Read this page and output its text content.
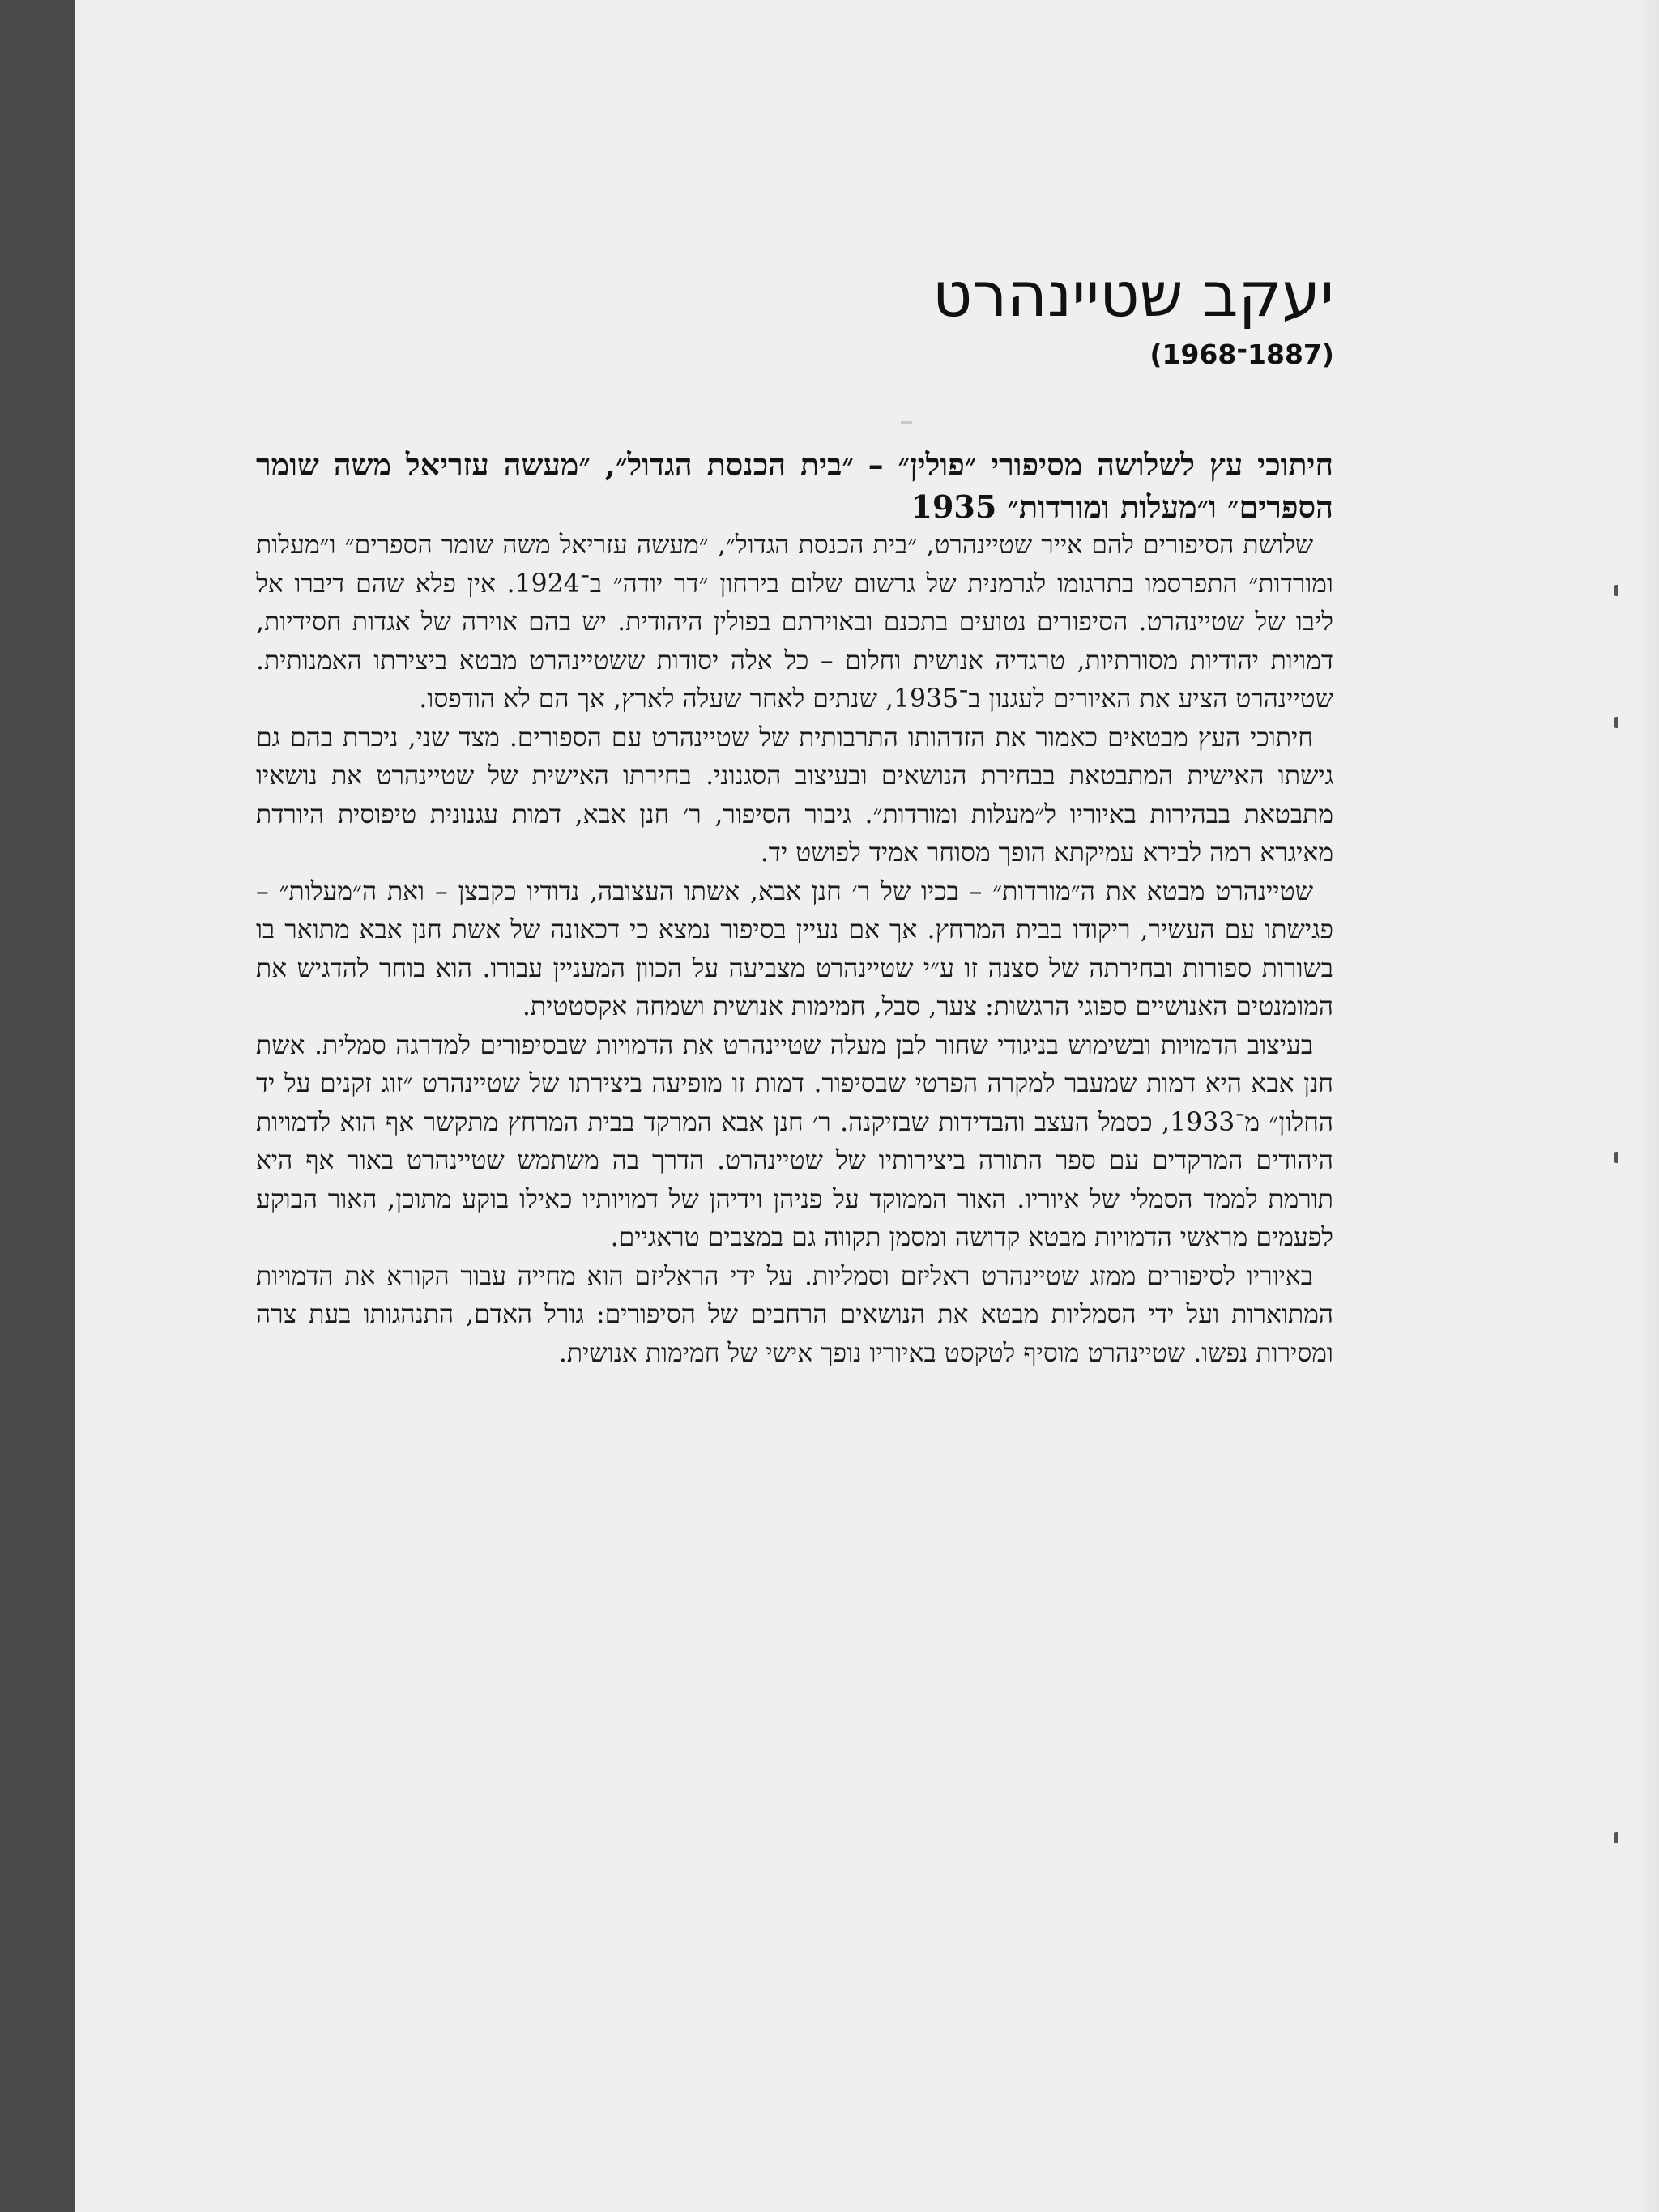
יעקב שטיינהרט
(1887־1968)
חיתוכי עץ לשלושה מסיפורי ״פולין״ – ״בית הכנסת הגדול״, ״מעשה עזריאל משה שומר הספרים״ ו״מעלות ומורדות״ 1935

שלושת הסיפורים להם אייר שטיינהרט, ״בית הכנסת הגדול״, ״מעשה עזריאל משה שומר הספרים״ ו״מעלות ומורדות״ התפרסמו בתרגומו לגרמנית של גרשום שלום בירחון ״דר יודה״ ב־1924. אין פלא שהם דיברו אל ליבו של שטיינהרט. הסיפורים נטועים בתכנם ובאוירתם בפולין היהודית. יש בהם אוירה של אגדות חסידיות, דמויות יהודיות מסורתיות, טרגדיה אנושית וחלום – כל אלה יסודות ששטיינהרט מבטא ביצירתו האמנותית. שטיינהרט הציע את האיורים לעגנון ב־1935, שנתים לאחר שעלה לארץ, אך הם לא הודפסו.

חיתוכי העץ מבטאים כאמור את הזדהותו התרבותית של שטיינהרט עם הספורים. מצד שני, ניכרת בהם גם גישתו האישית המתבטאת בבחירת הנושאים ובעיצוב הסגנוני. בחירתו האישית של שטיינהרט את נושאיו מתבטאת בבהירות באיוריו ל״מעלות ומורדות״. גיבור הסיפור, ר׳ חנן אבא, דמות עגנונית טיפוסית היורדת מאיגרא רמה לבירא עמיקתא הופך מסוחר אמיד לפושט יד.

שטיינהרט מבטא את ה״מורדות״ – בכיו של ר׳ חנן אבא, אשתו העצובה, נדודיו כקבצן – ואת ה״מעלות״ – פגישתו עם העשיר, ריקודו בבית המרחץ. אך אם נעיין בסיפור נמצא כי דכאונה של אשת חנן אבא מתואר בו בשורות ספורות ובחירתה של סצנה זו ע״י שטיינהרט מצביעה על הכוון המעניין עבורו. הוא בוחר להדגיש את המומנטים האנושיים ספוגי הרגשות: צער, סבל, חמימות אנושית ושמחה אקסטטית.

בעיצוב הדמויות ובשימוש בניגודי שחור לבן מעלה שטיינהרט את הדמויות שבסיפורים למדרגה סמלית. אשת חנן אבא היא דמות שמעבר למקרה הפרטי שבסיפור. דמות זו מופיעה ביצירתו של שטיינהרט ״זוג זקנים על יד החלון״ מ־1933, כסמל העצב והבדידות שבזיקנה. ר׳ חנן אבא המרקד בבית המרחץ מתקשר אף הוא לדמויות היהודים המרקדים עם ספר התורה ביצירותיו של שטיינהרט. הדרך בה משתמש שטיינהרט באור אף היא תורמת לממד הסמלי של איוריו. האור הממוקד על פניהן וידיהן של דמויותיו כאילו בוקע מתוכן, האור הבוקע לפעמים מראשי הדמויות מבטא קדושה ומסמן תקווה גם במצבים טראגיים.

באיוריו לסיפורים ממזג שטיינהרט ראליזם וסמליות. על ידי הראליזם הוא מחייה עבור הקורא את הדמויות המתוארות ועל ידי הסמליות מבטא את הנושאים הרחבים של הסיפורים: גורל האדם, התנהגותו בעת צרה ומסירות נפשו. שטיינהרט מוסיף לטקסט באיוריו נופך אישי של חמימות אנושית.
